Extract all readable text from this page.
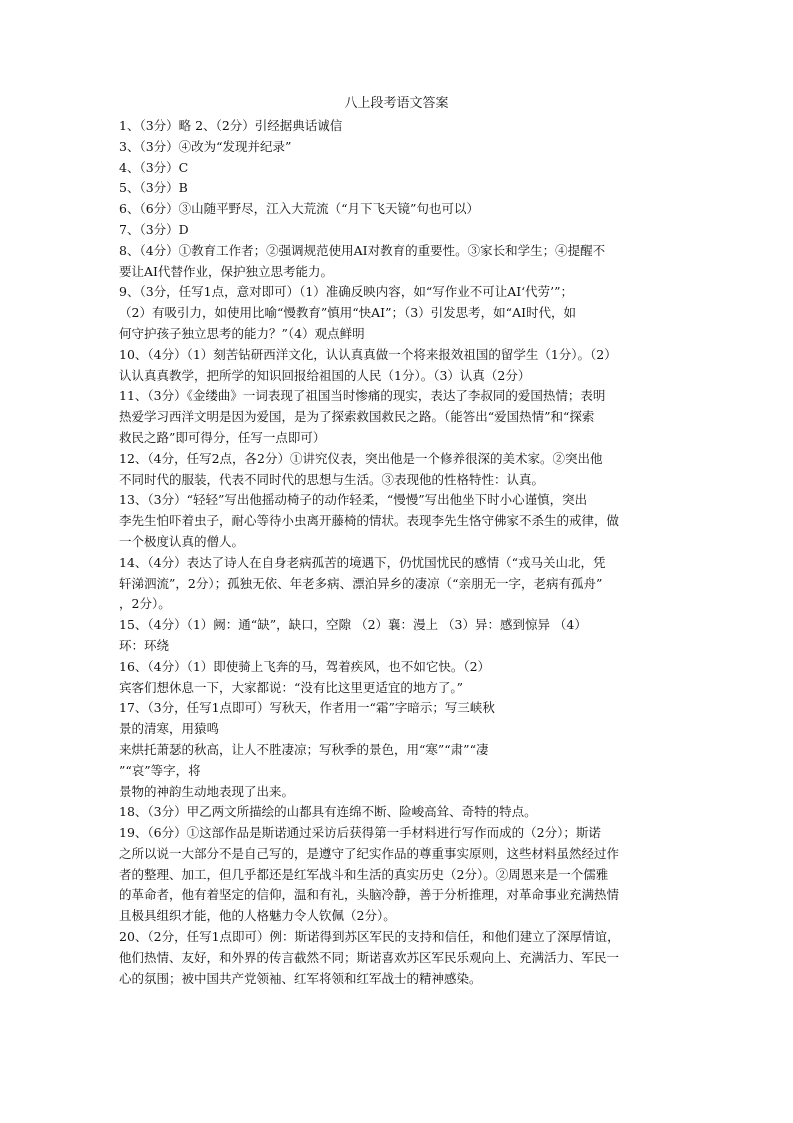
八上段考语文答案
1、（3分）略 2、（2分）引经据典话诚信
3、（3分）④改为“发现并纪录”
4、（3分）C
5、（3分）B
6、（6分）③山随平野尽，江入大荒流（“月下飞天镜”句也可以）
7、（3分）D
8、（4分）①教育工作者；②强调规范使用AI对教育的重要性。③家长和学生；④提醒不
要让AI代替作业，保护独立思考能力。
9、（3分，任写1点，意对即可）（1）准确反映内容，如“写作业不可让AI‘代劳’”；
（2）有吸引力，如使用比喻“慢教育”慎用“快AI”；（3）引发思考，如“AI时代，如
何守护孩子独立思考的能力？”（4）观点鲜明
10、（4分）（1）刻苦钻研西洋文化，认认真真做一个将来报效祖国的留学生（1分）。（2）
认认真真教学，把所学的知识回报给祖国的人民（1分）。（3）认真（2分）
11、（3分）《金缕曲》一词表现了祖国当时惨痛的现实，表达了李叔同的爱国热情；表明
热爱学习西洋文明是因为爱国，是为了探索救国救民之路。（能答出“爱国热情”和“探索
救民之路”即可得分，任写一点即可）
12、（4分，任写2点，各2分）①讲究仪表，突出他是一个修养很深的美术家。②突出他
不同时代的服装，代表不同时代的思想与生活。③表现他的性格特性：认真。
13、（3分）“轻轻”写出他摇动椅子的动作轻柔，“慢慢”写出他坐下时小心谨慎，突出
李先生怕吓着虫子，耐心等待小虫离开藤椅的情状。表现李先生恪守佛家不杀生的戒律，做
一个极度认真的僧人。
14、（4分）表达了诗人在自身老病孤苦的境遇下，仍忧国忧民的感情（“戎马关山北，凭
轩涕泗流”，2分）；孤独无依、年老多病、漂泊异乡的凄凉（“亲朋无一字，老病有孤舟”
，2分）。
15、（4分）（1）阙：通“缺”，缺口，空隙 （2）襄：漫上 （3）异：感到惊异 （4）
环：环绕
16、（4分）（1）即使骑上飞奔的马，驾着疾风，也不如它快。（2）
宾客们想休息一下，大家都说：“没有比这里更适宜的地方了。”
17、（3分，任写1点即可）写秋天，作者用一“霜”字暗示；写三峡秋
景的清寒，用猿鸣
来烘托萧瑟的秋高，让人不胜凄凉；写秋季的景色，用“寒”“肃”“凄
”“哀”等字，将
景物的神韵生动地表现了出来。
18、（3分）甲乙两文所描绘的山都具有连绵不断、险峻高耸、奇特的特点。
19、（6分）①这部作品是斯诺通过采访后获得第一手材料进行写作而成的（2分）；斯诺
之所以说一大部分不是自己写的，是遵守了纪实作品的尊重事实原则，这些材料虽然经过作
者的整理、加工，但几乎都还是红军战斗和生活的真实历史（2分）。②周恩来是一个儒雅
的革命者，他有着坚定的信仰，温和有礼，头脑冷静，善于分析推理，对革命事业充满热情
且极具组织才能，他的人格魅力令人钦佩（2分）。
20、（2分，任写1点即可）例：斯诺得到苏区军民的支持和信任，和他们建立了深厚情谊，
他们热情、友好，和外界的传言截然不同；斯诺喜欢苏区军民乐观向上、充满活力、军民一
心的氛围；被中国共产党领袖、红军将领和红军战士的精神感染。
